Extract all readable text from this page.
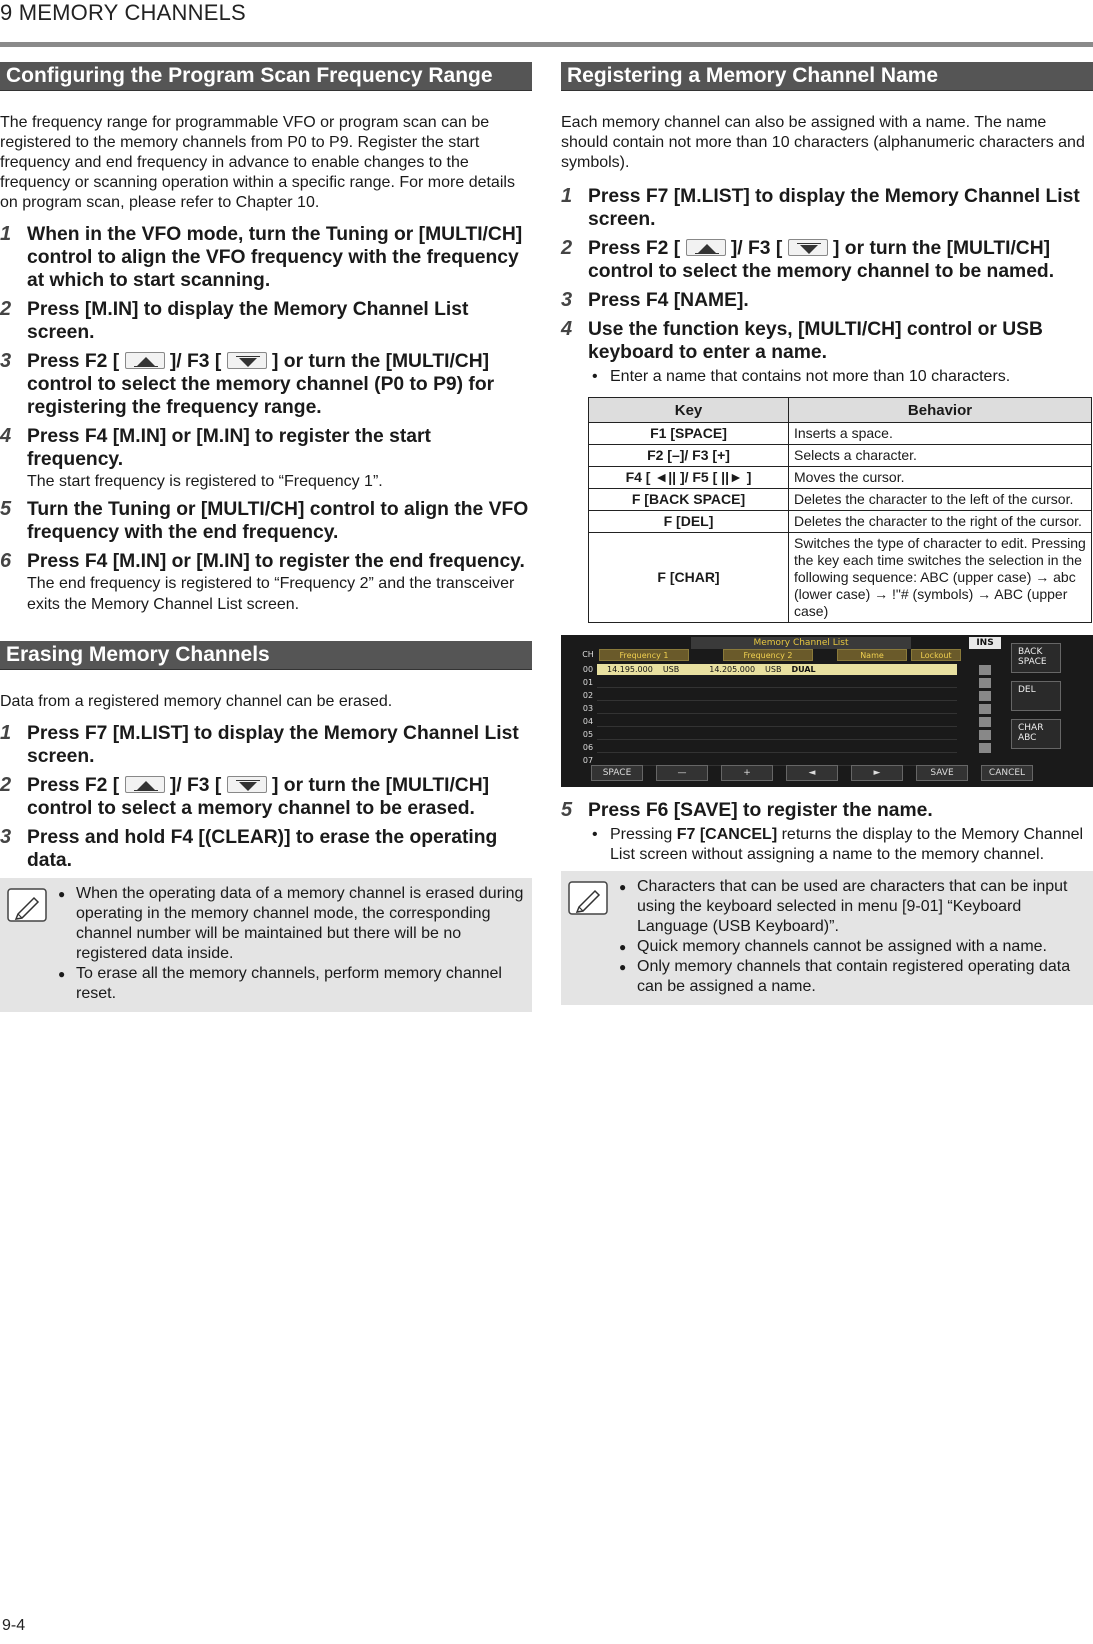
9 MEMORY CHANNELS
Configuring the Program Scan Frequency Range

The frequency range for programmable VFO or program scan can be registered to the memory channels from P0 to P9. Register the start frequency and end frequency in advance to enable changes to the frequency or scanning operation within a specific range. For more details on program scan, please refer to Chapter 10.

1 When in the VFO mode, turn the Tuning or [MULTI/CH] control to align the VFO frequency with the frequency at which to start scanning.
2 Press [M.IN] to display the Memory Channel List screen.
3 Press F2 [	]/ F3 [	] or turn the [MULTI/CH] control to select the memory channel (P0 to P9) for registering the frequency range.
4 Press F4 [M.IN] or [M.IN] to register the start frequency.
The start frequency is registered to “Frequency 1”.
5 Turn the Tuning or [MULTI/CH] control to align the VFO frequency with the end frequency.
6 Press F4 [M.IN] or [M.IN] to register the end frequency.
The end frequency is registered to “Frequency 2” and the transceiver exits the Memory Channel List screen.
Erasing Memory Channels

Data from a registered memory channel can be erased.

1 Press F7 [M.LIST] to display the Memory Channel List screen.
2 Press F2 [	]/ F3 [	] or turn the [MULTI/CH] control to select a memory channel to be erased.
3 Press and hold F4 [(CLEAR)] to erase the operating data.
● When the operating data of a memory channel is erased during operating in the memory channel mode, the corresponding channel number will be maintained but there will be no registered data inside.
● To erase all the memory channels, perform memory channel reset.
Registering a Memory Channel Name

Each memory channel can also be assigned with a name. The name should contain not more than 10 characters (alphanumeric characters and symbols).

1 Press F7 [M.LIST] to display the Memory Channel List screen.
2 Press F2 [	]/ F3 [	] or turn the [MULTI/CH] control to select the memory channel to be named.
3 Press F4 [NAME].
4 Use the function keys, [MULTI/CH] control or USB keyboard to enter a name.
• Enter a name that contains not more than 10 characters.
Key	Behavior
F1 [SPACE]	Inserts a space.
F2 [–]/ F3 [+]	Selects a character.
F4 [ ◄|| ]/ F5 [ ||► ]	Moves the cursor.
F [BACK SPACE]	Deletes the character to the left of the cursor.
F [DEL]	Deletes the character to the right of the cursor.
F [CHAR]	Switches the type of character to edit. Pressing the key each time switches the selection in the following sequence: ABC (upper case) → abc (lower case) → !"# (symbols) → ABC (upper case)
Memory Channel List	INS
CH	Frequency 1	Frequency 2	Name	Lockout
00	14.195.000 USB	14.205.000 USB DUAL
01
02
03
04
05
06
07
BACK SPACE
DEL
CHAR ABC
SPACE	—	+	◄	►	SAVE	CANCEL
5 Press F6 [SAVE] to register the name.
• Pressing F7 [CANCEL] returns the display to the Memory Channel List screen without assigning a name to the memory channel.
● Characters that can be used are characters that can be input using the keyboard selected in menu [9-01] “Keyboard Language (USB Keyboard)”.
● Quick memory channels cannot be assigned with a name.
● Only memory channels that contain registered operating data can be assigned a name.
9-4
